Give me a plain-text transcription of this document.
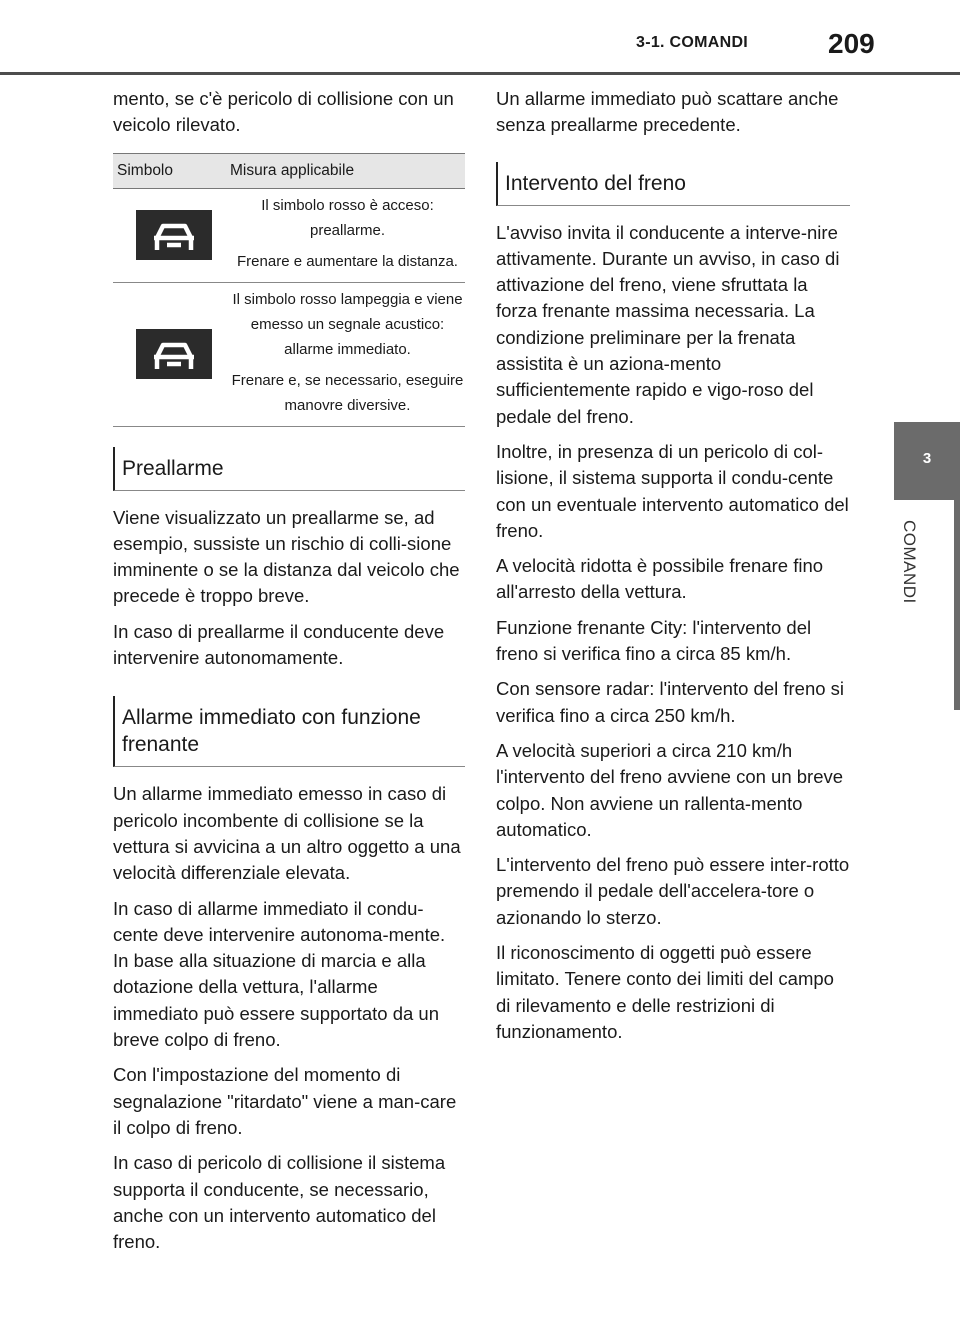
3-1. COMANDI	209
3
COMANDI

mento, se c'è pericolo di collisione con un veicolo rilevato.

Simbolo	Misura applicabile

Il simbolo rosso è acceso: preallarme.

Frenare e aumentare la distanza.

Il simbolo rosso lampeggia e viene emesso un segnale acustico: allarme immediato.

Frenare e, se necessario, eseguire manovre diversive.

Preallarme

Viene visualizzato un preallarme se, ad esempio, sussiste un rischio di colli-sione imminente o se la distanza dal veicolo che precede è troppo breve.

In caso di preallarme il conducente deve intervenire autonomamente.

Allarme immediato con funzione frenante

Un allarme immediato emesso in caso di pericolo incombente di collisione se la vettura si avvicina a un altro oggetto a una velocità differenziale elevata.

In caso di allarme immediato il condu-cente deve intervenire autonoma-mente. In base alla situazione di marcia e alla dotazione della vettura, l'allarme immediato può essere supportato da un breve colpo di freno.

Con l'impostazione del momento di segnalazione "ritardato" viene a man-care il colpo di freno.

In caso di pericolo di collisione il sistema supporta il conducente, se necessario, anche con un intervento automatico del freno.

Un allarme immediato può scattare anche senza preallarme precedente.

Intervento del freno

L'avviso invita il conducente a interve-nire attivamente. Durante un avviso, in caso di attivazione del freno, viene sfruttata la forza frenante massima necessaria. La condizione preliminare per la frenata assistita è un aziona-mento sufficientemente rapido e vigo-roso del pedale del freno.

Inoltre, in presenza di un pericolo di col-lisione, il sistema supporta il condu-cente con un eventuale intervento automatico del freno.

A velocità ridotta è possibile frenare fino all'arresto della vettura.

Funzione frenante City: l'intervento del freno si verifica fino a circa 85 km/h.

Con sensore radar: l'intervento del freno si verifica fino a circa 250 km/h.

A velocità superiori a circa 210 km/h l'intervento del freno avviene con un breve colpo. Non avviene un rallenta-mento automatico.

L'intervento del freno può essere inter-rotto premendo il pedale dell'accelera-tore o azionando lo sterzo.

Il riconoscimento di oggetti può essere limitato. Tenere conto dei limiti del campo di rilevamento e delle restrizioni di funzionamento.
